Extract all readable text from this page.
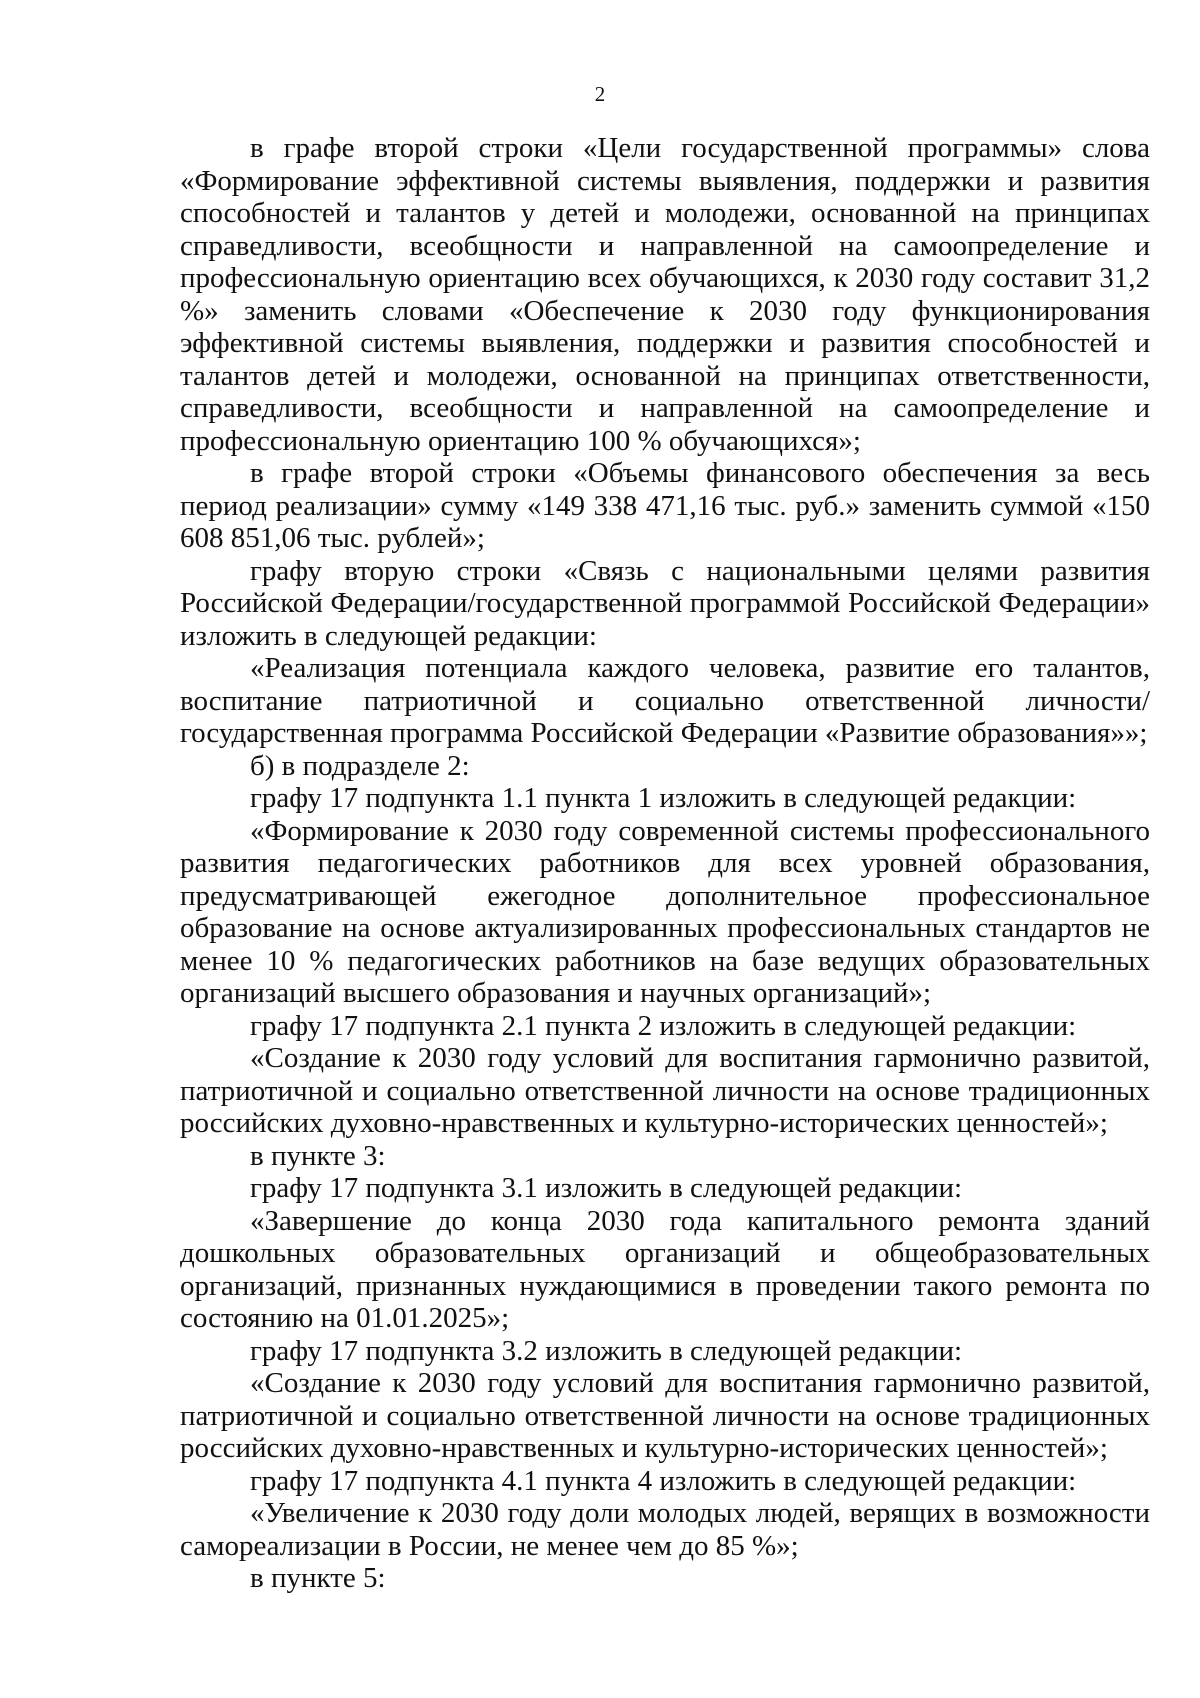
2

в графе второй строки «Цели государственной программы» слова «Формирование эффективной системы выявления, поддержки и развития способностей и талантов у детей и молодежи, основанной на принципах справедливости, всеобщности и направленной на самоопределение и профессиональную ориентацию всех обучающихся, к 2030 году составит 31,2 %» заменить словами «Обеспечение к 2030 году функционирования эффективной системы выявления, поддержки и развития способностей и талантов детей и молодежи, основанной на принципах ответственности, справедливости, всеобщности и направленной на самоопределение и профессиональную ориентацию 100 % обучающихся»;

в графе второй строки «Объемы финансового обеспечения за весь период реализации» сумму «149 338 471,16 тыс. руб.» заменить суммой «150 608 851,06 тыс. рублей»;

графу вторую строки «Связь с национальными целями развития Российской Федерации/государственной программой Российской Федерации» изложить в следующей редакции:

«Реализация потенциала каждого человека, развитие его талантов, воспитание патриотичной и социально ответственной личности/ государственная программа Российской Федерации «Развитие образования»»;

б) в подразделе 2:

графу 17 подпункта 1.1 пункта 1 изложить в следующей редакции:

«Формирование к 2030 году современной системы профессионального развития педагогических работников для всех уровней образования, предусматривающей ежегодное дополнительное профессиональное образование на основе актуализированных профессиональных стандартов не менее 10 % педагогических работников на базе ведущих образовательных организаций высшего образования и научных организаций»;

графу 17 подпункта 2.1 пункта 2 изложить в следующей редакции:

«Создание к 2030 году условий для воспитания гармонично развитой, патриотичной и социально ответственной личности на основе традиционных российских духовно-нравственных и культурно-исторических ценностей»;

в пункте 3:

графу 17 подпункта 3.1 изложить в следующей редакции:

«Завершение до конца 2030 года капитального ремонта зданий дошкольных образовательных организаций и общеобразовательных организаций, признанных нуждающимися в проведении такого ремонта по состоянию на 01.01.2025»;

графу 17 подпункта 3.2 изложить в следующей редакции:

«Создание к 2030 году условий для воспитания гармонично развитой, патриотичной и социально ответственной личности на основе традиционных российских духовно-нравственных и культурно-исторических ценностей»;

графу 17 подпункта 4.1 пункта 4 изложить в следующей редакции:

«Увеличение к 2030 году доли молодых людей, верящих в возможности самореализации в России, не менее чем до 85 %»;

в пункте 5:
